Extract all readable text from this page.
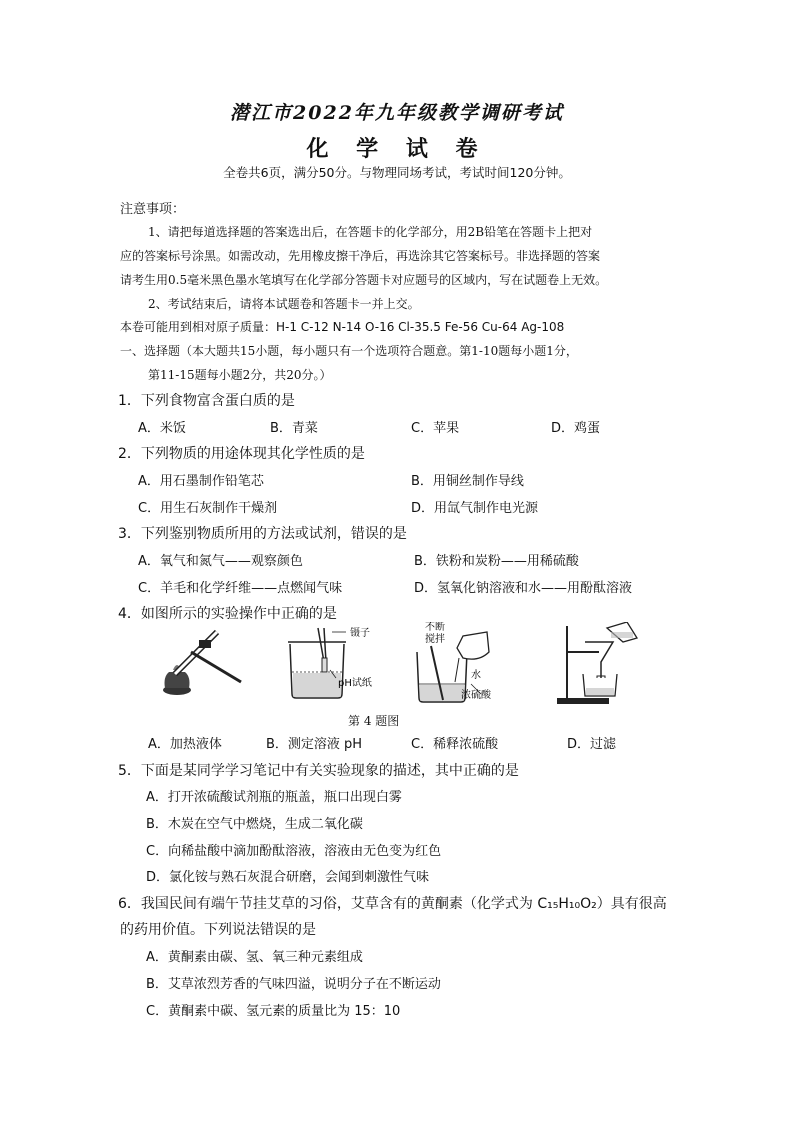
潜江市2022年九年级教学调研考试
化 学 试 卷
全卷共6页，满分50分。与物理同场考试，考试时间120分钟。
注意事项：
1、请把每道选择题的答案选出后，在答题卡的化学部分，用2B铅笔在答题卡上把对
应的答案标号涂黑。如需改动，先用橡皮擦干净后，再选涂其它答案标号。非选择题的答案
请考生用0.5毫米黑色墨水笔填写在化学部分答题卡对应题号的区域内，写在试题卷上无效。
2、考试结束后，请将本试题卷和答题卡一并上交。
本卷可能用到相对原子质量：H-1 C-12 N-14 O-16 Cl-35.5 Fe-56 Cu-64 Ag-108
一、选择题（本大题共15小题，每小题只有一个选项符合题意。第1-10题每小题1分，
第11-15题每小题2分，共20分。）
1．下列食物富含蛋白质的是
A．米饭	B．青菜	C．苹果	D．鸡蛋
2．下列物质的用途体现其化学性质的是
A．用石墨制作铅笔芯	B．用铜丝制作导线
C．用生石灰制作干燥剂	D．用氙气制作电光源
3．下列鉴别物质所用的方法或试剂，错误的是
A．氧气和氮气——观察颜色	B．铁粉和炭粉——用稀硫酸
C．羊毛和化学纤维——点燃闻气味	D．氢氧化钠溶液和水——用酚酞溶液
4．如图所示的实验操作中正确的是
镊子
pH试纸
不断
搅拌
水
浓硫酸
第 4 题图
A．加热液体	B．测定溶液 pH	C．稀释浓硫酸	D．过滤
5．下面是某同学学习笔记中有关实验现象的描述，其中正确的是
A．打开浓硫酸试剂瓶的瓶盖，瓶口出现白雾
B．木炭在空气中燃烧，生成二氧化碳
C．向稀盐酸中滴加酚酞溶液，溶液由无色变为红色
D．氯化铵与熟石灰混合研磨，会闻到刺激性气味
6．我国民间有端午节挂艾草的习俗，艾草含有的黄酮素（化学式为 C₁₅H₁₀O₂）具有很高
的药用价值。下列说法错误的是
A．黄酮素由碳、氢、氧三种元素组成
B．艾草浓烈芳香的气味四溢，说明分子在不断运动
C．黄酮素中碳、氢元素的质量比为 15：10
